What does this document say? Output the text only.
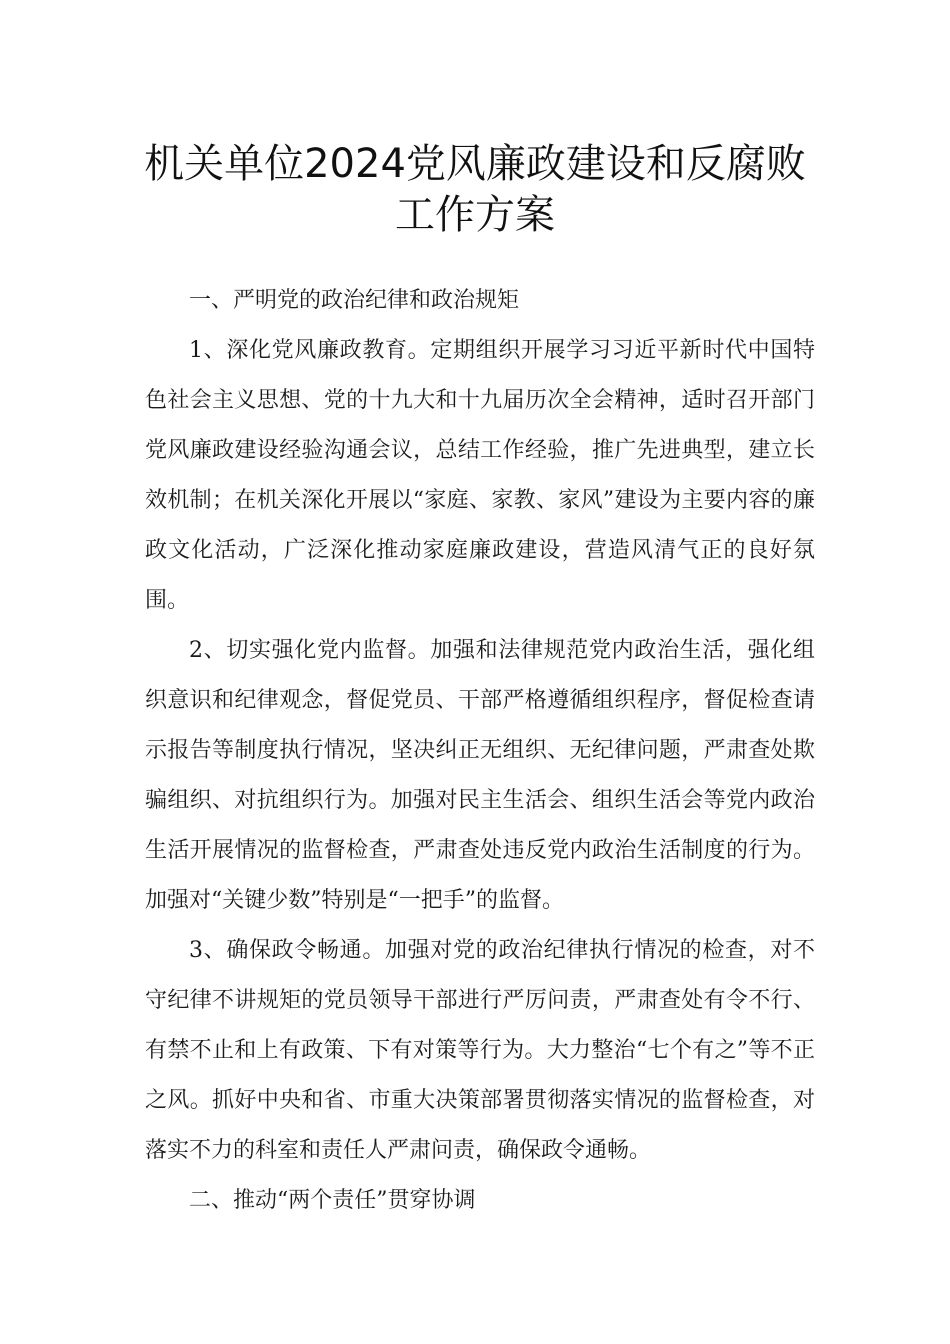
机关单位2024党风廉政建设和反腐败
工作方案

一、严明党的政治纪律和政治规矩

1、深化党风廉政教育。定期组织开展学习习近平新时代中国特色社会主义思想、党的十九大和十九届历次全会精神，适时召开部门党风廉政建设经验沟通会议，总结工作经验，推广先进典型，建立长效机制；在机关深化开展以“家庭、家教、家风”建设为主要内容的廉政文化活动，广泛深化推动家庭廉政建设，营造风清气正的良好氛围。

2、切实强化党内监督。加强和法律规范党内政治生活，强化组织意识和纪律观念，督促党员、干部严格遵循组织程序，督促检查请示报告等制度执行情况，坚决纠正无组织、无纪律问题，严肃查处欺骗组织、对抗组织行为。加强对民主生活会、组织生活会等党内政治生活开展情况的监督检查，严肃查处违反党内政治生活制度的行为。加强对“关键少数”特别是“一把手”的监督。

3、确保政令畅通。加强对党的政治纪律执行情况的检查，对不守纪律不讲规矩的党员领导干部进行严厉问责，严肃查处有令不行、有禁不止和上有政策、下有对策等行为。大力整治“七个有之”等不正之风。抓好中央和省、市重大决策部署贯彻落实情况的监督检查，对落实不力的科室和责任人严肃问责，确保政令通畅。

二、推动“两个责任”贯穿协调
